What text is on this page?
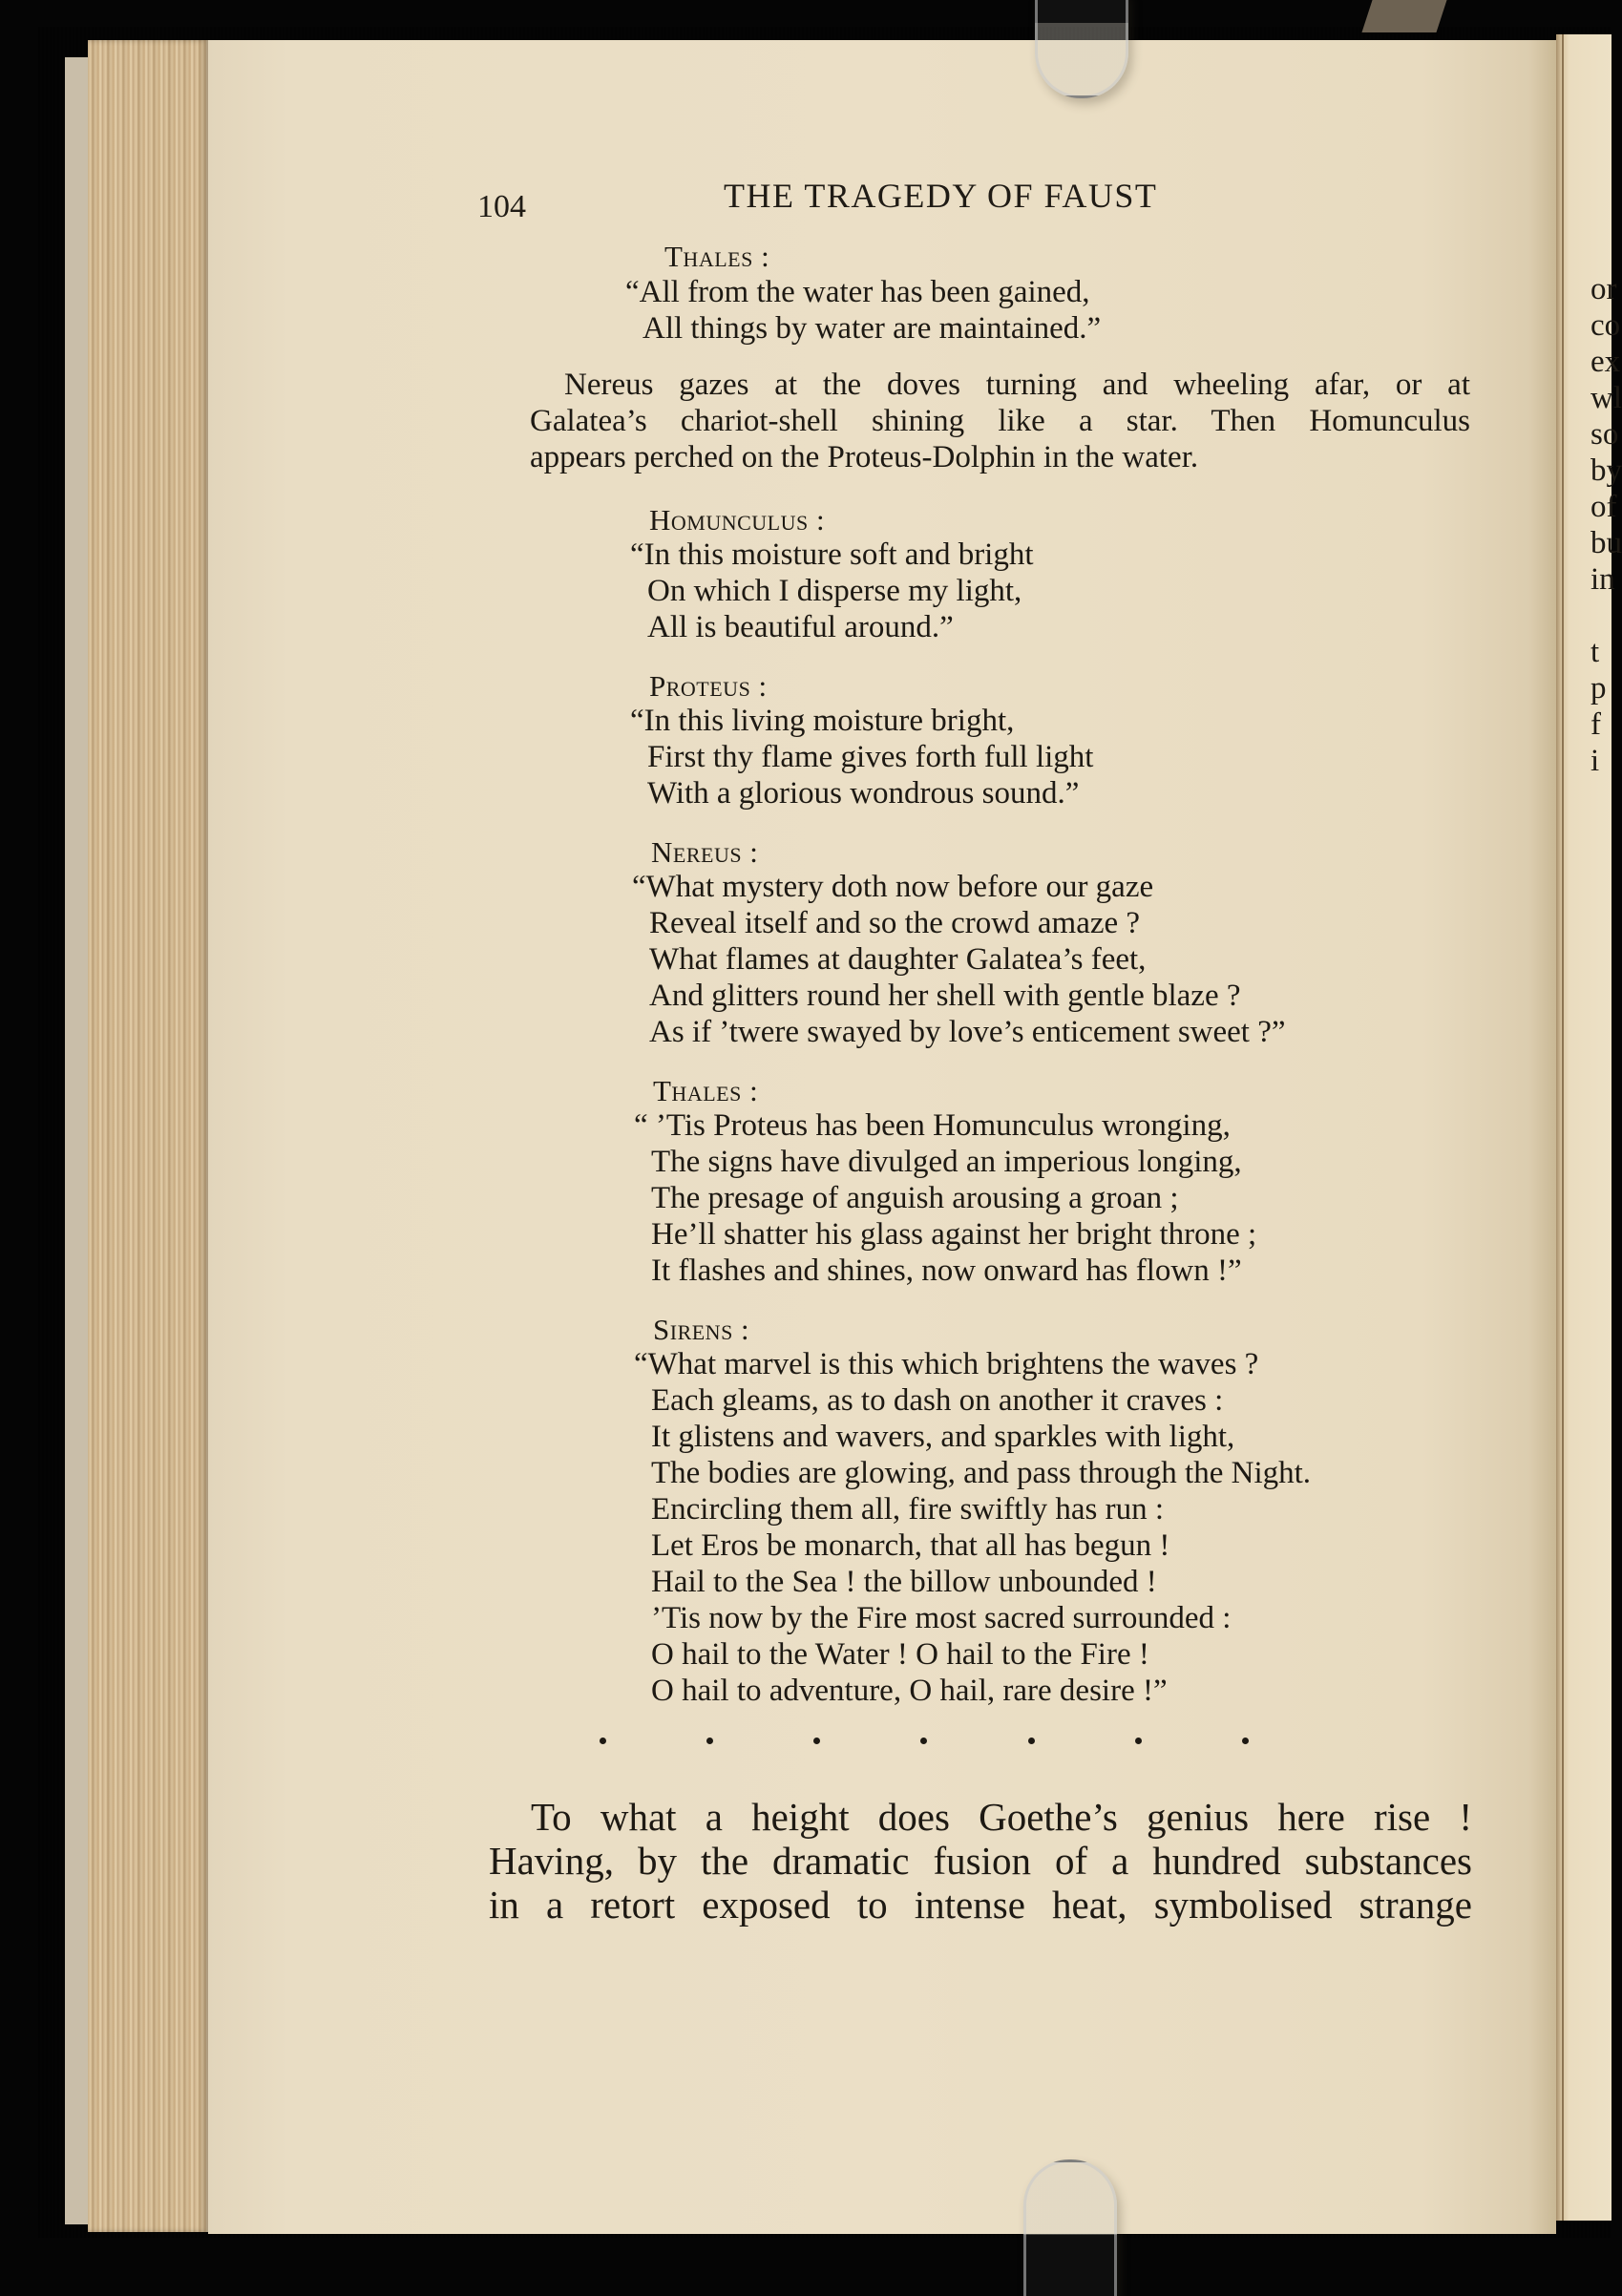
or
co
ex
wl
so
by
of
bu
in
t
p
f
i
104	THE TRAGEDY OF FAUST
Thales :
“All from the water has been gained,
All things by water are maintained.”
Nereus gazes at the doves turning and wheeling afar, or at
Galatea’s chariot-shell shining like a star. Then Homunculus
appears perched on the Proteus-Dolphin in the water.
Homunculus :
“In this moisture soft and bright
On which I disperse my light,
All is beautiful around.”
Proteus :
“In this living moisture bright,
First thy flame gives forth full light
With a glorious wondrous sound.”
Nereus :
“What mystery doth now before our gaze
Reveal itself and so the crowd amaze ?
What flames at daughter Galatea’s feet,
And glitters round her shell with gentle blaze ?
As if ’twere swayed by love’s enticement sweet ?”
Thales :
“ ’Tis Proteus has been Homunculus wronging,
The signs have divulged an imperious longing,
The presage of anguish arousing a groan ;
He’ll shatter his glass against her bright throne ;
It flashes and shines, now onward has flown !”
Sirens :
“What marvel is this which brightens the waves ?
Each gleams, as to dash on another it craves :
It glistens and wavers, and sparkles with light,
The bodies are glowing, and pass through the Night.
Encircling them all, fire swiftly has run :
Let Eros be monarch, that all has begun !
Hail to the Sea ! the billow unbounded !
’Tis now by the Fire most sacred surrounded :
O hail to the Water ! O hail to the Fire !
O hail to adventure, O hail, rare desire !”
To what a height does Goethe’s genius here rise !
Having, by the dramatic fusion of a hundred substances
in a retort exposed to intense heat, symbolised strange
